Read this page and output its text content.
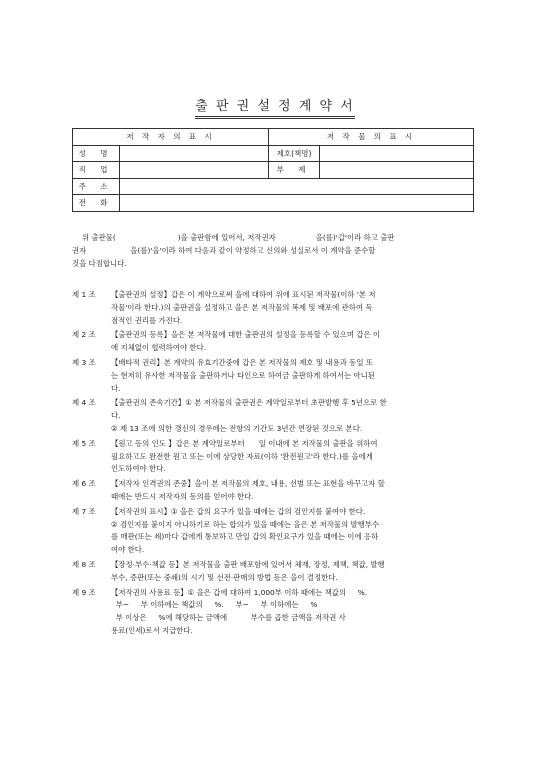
출 판 권 설 정 계 약 서
저 작 자 의 표 시		저 작 물 의 표 시	
성 명		제호(책명)	
직 업		부 제	
주 소			
전 화			
위 출판물(	)을 출판함에 있어서, 저작권자	을(를)'갑'이라 하고 출판
권자	을(를)'을'이라 하여 다음과 같이 약정하고 신의와 성실로서 이 계약을 준수할
것을 다짐합니다.
제 1 조	【출판권의 설정】갑은 이 계약으로써 을에 대하여 위에 표시된 저작물(이하 '본 저
작물'이라 한다.)의 출판권을 설정하고 을은 본 저작물의 복제 및 배포에 관하여 독
점적인 권리를 가진다.
제 2 조	【출판권의 등록】을은 본 저작물에 대한 출판권의 설정을 등록할 수 있으며 갑은 이
에 지체없이 협력하여야 한다.
제 3 조	【배타적 권리】본 계약의 유효기간중에 갑은 본 저작물의 제호 및 내용과 동일 또
는 현저히 유사한 저작물을 출판하거나 타인으로 하여금 출판하게 하여서는 아니된
다.
제 4 조	【출판권의 존속기간】① 본 저작물의 출판권은 계약일로부터 초판발행 후 5년으로 한
다.
② 제 13 조에 의한 갱신의 경우에는 전항의 기간도 3년간 연장된 것으로 본다.
제 5 조	【원고 등의 인도 】갑은 본 계약일로부터      일 이내에 본 저작물의 출판을 위하여
필요하고도 완전한 원고 또는 이에 상당한 자료(이하 '완전원고'라 한다.)를 을에게
인도하여야 한다.
제 6 조	【저작자 인격권의 존중】을이 본 저작물의 제호, 내용, 선별 또는 표현을 바꾸고자 할
때에는 반드시 저작자의 동의를 얻어야 한다.
제 7 조	【저작권의 표시】① 을은 갑의 요구가 있을 때에는 갑의 검인지를 붙여야 한다.
② 검인지를 붙이지 아니하기로 하는 합의가 있을 때에는 을은 본 저작물의 발행부수
를 매판(또는 쇄)마다 갑에게 통보하고 만일 갑의 확인요구가 있을 때에는 이에 응하
여야 한다.
제 8 조	【장정·부수·책값 등】본 저작물을 출판 배포함에 있어서 체재, 장정, 제책, 책값, 발행
부수, 증판(또는 중쇄)의 시기 및 선전·판매의 방법 등은 을이 결정한다.
제 9 조	【저작권의 사용료 등】① 을은 갑에 대하여 1,000부 이하 때에는 책값의     %.
부~     부 이하에는 책값의     %.     부~     부 이하에는     %
부 이상은     %에 해당하는 금액에          부수를 곱한 금액을 저작권 사
용료(인세)로서 지급한다.
